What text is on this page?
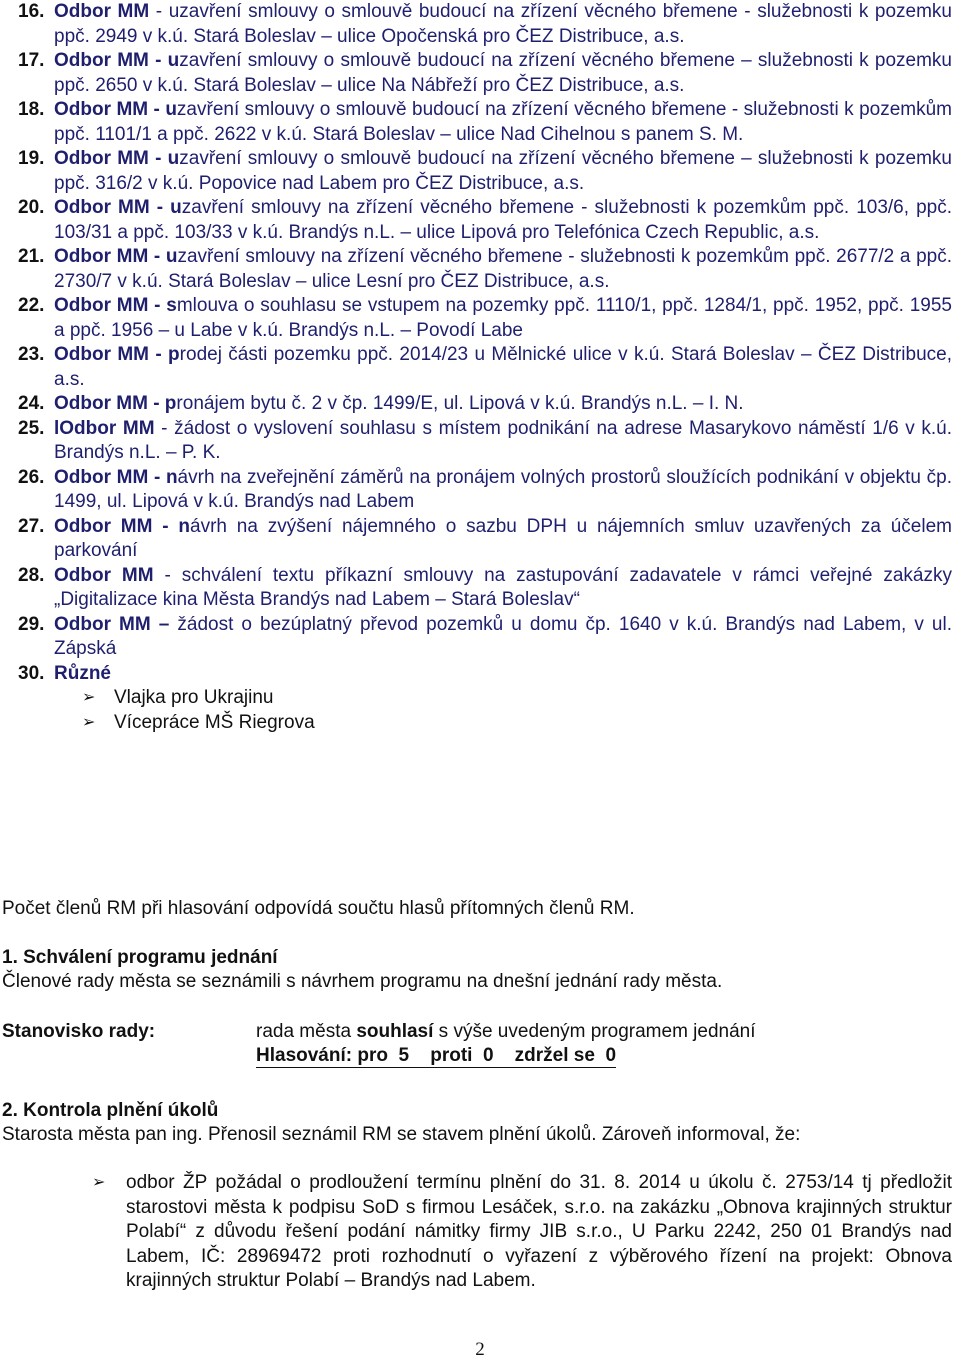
16. Odbor MM - uzavření smlouvy o smlouvě budoucí na zřízení věcného břemene - služebnosti k pozemku ppč. 2949 v k.ú. Stará Boleslav – ulice Opočenská pro ČEZ Distribuce, a.s.
17. Odbor MM - uzavření smlouvy o smlouvě budoucí na zřízení věcného břemene – služebnosti k pozemku ppč. 2650 v k.ú. Stará Boleslav – ulice Na Nábřeží pro ČEZ Distribuce, a.s.
18. Odbor MM - uzavření smlouvy o smlouvě budoucí na zřízení věcného břemene - služebnosti k pozemkům ppč. 1101/1 a ppč. 2622 v k.ú. Stará Boleslav – ulice Nad Cihelnou s panem S. M.
19. Odbor MM - uzavření smlouvy o smlouvě budoucí na zřízení věcného břemene – služebnosti k pozemku ppč. 316/2 v k.ú. Popovice nad Labem pro ČEZ Distribuce, a.s.
20. Odbor MM - uzavření smlouvy na zřízení věcného břemene - služebnosti k pozemkům ppč. 103/6, ppč. 103/31 a ppč. 103/33 v k.ú. Brandýs n.L. – ulice Lipová pro Telefónica Czech Republic, a.s.
21. Odbor MM - uzavření smlouvy na zřízení věcného břemene - služebnosti k pozemkům ppč. 2677/2 a ppč. 2730/7 v k.ú. Stará Boleslav – ulice Lesní pro ČEZ Distribuce, a.s.
22. Odbor MM - smlouva o souhlasu se vstupem na pozemky ppč. 1110/1, ppč. 1284/1, ppč. 1952, ppč. 1955 a ppč. 1956 – u Labe v k.ú. Brandýs n.L. – Povodí Labe
23. Odbor MM - prodej části pozemku ppč. 2014/23 u Mělnické ulice v k.ú. Stará Boleslav – ČEZ Distribuce, a.s.
24. Odbor MM - pronájem bytu č. 2 v čp. 1499/E, ul. Lipová v k.ú. Brandýs n.L. – I. N.
25. lOdbor MM - žádost o vyslovení souhlasu s místem podnikání na adrese Masarykovo náměstí 1/6 v k.ú. Brandýs n.L. – P. K.
26. Odbor MM - návrh na zveřejnění záměrů na pronájem volných prostorů sloužících podnikání v objektu čp. 1499, ul. Lipová v k.ú. Brandýs nad Labem
27. Odbor MM - návrh na zvýšení nájemného o sazbu DPH u nájemních smluv uzavřených za účelem parkování
28. Odbor MM - schválení textu příkazní smlouvy na zastupování zadavatele v rámci veřejné zakázky „Digitalizace kina Města Brandýs nad Labem – Stará Boleslav“
29. Odbor MM – žádost o bezúplatný převod pozemků u domu čp. 1640 v k.ú. Brandýs nad Labem, v ul. Zápská
30. Různé
➢ Vlajka pro Ukrajinu
➢ Vícepráce MŠ Riegrova
Počet členů RM při hlasování odpovídá součtu hlasů přítomných členů RM.
1. Schválení programu jednání
Členové rady města se seznámili s návrhem programu na dnešní jednání rady města.
Stanovisko rady:	rada města souhlasí s výše uvedeným programem jednání
Hlasování: pro  5    proti  0    zdržel se  0
2. Kontrola plnění úkolů
Starosta města pan ing. Přenosil seznámil RM se stavem plnění úkolů. Zároveň informoval, že:
➢ odbor ŽP požádal o prodloužení termínu plnění do 31. 8. 2014 u úkolu č. 2753/14 tj předložit starostovi města k podpisu SoD s firmou Lesáček, s.r.o. na zakázku „Obnova krajinných struktur Polabí“ z důvodu řešení podání námitky firmy JIB s.r.o., U Parku 2242, 250 01 Brandýs nad Labem, IČ: 28969472 proti rozhodnutí o vyřazení z výběrového řízení na projekt: Obnova krajinných struktur Polabí – Brandýs nad Labem.
2
